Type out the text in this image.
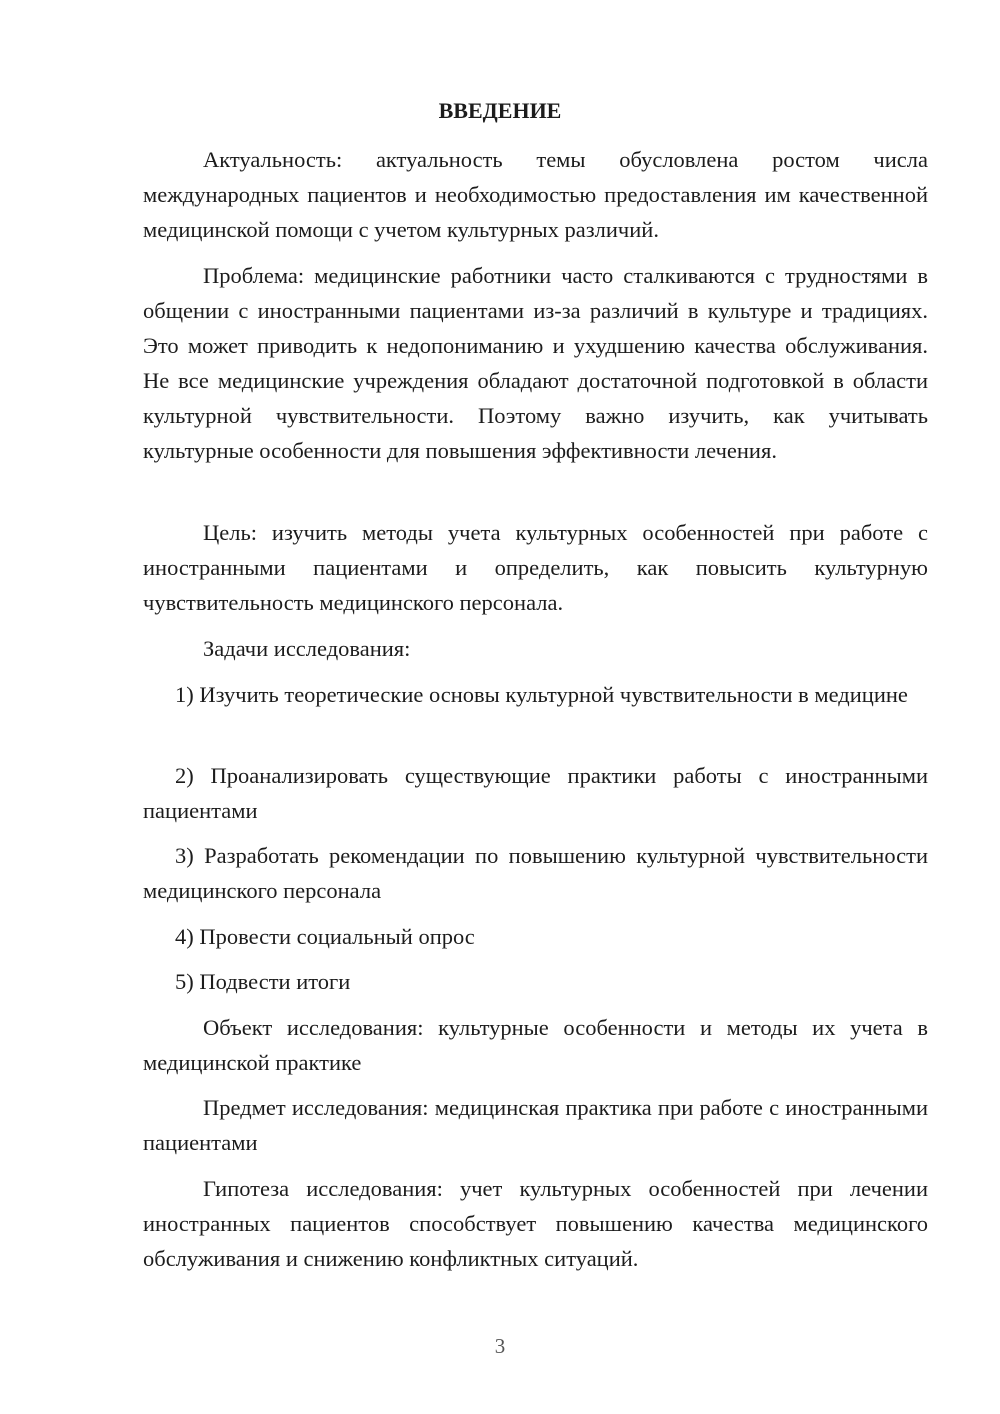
ВВЕДЕНИЕ

Актуальность: актуальность темы обусловлена ростом числа международных пациентов и необходимостью предоставления им качественной медицинской помощи с учетом культурных различий.

Проблема: медицинские работники часто сталкиваются с трудностями в общении с иностранными пациентами из-за различий в культуре и традициях. Это может приводить к недопониманию и ухудшению качества обслуживания. Не все медицинские учреждения обладают достаточной подготовкой в области культурной чувствительности. Поэтому важно изучить, как учитывать культурные особенности для повышения эффективности лечения.

Цель: изучить методы учета культурных особенностей при работе с иностранными пациентами и определить, как повысить культурную чувствительность медицинского персонала.

Задачи исследования:

1) Изучить теоретические основы культурной чувствительности в медицине

2) Проанализировать существующие практики работы с иностранными пациентами

3) Разработать рекомендации по повышению культурной чувствительности медицинского персонала

4) Провести социальный опрос

5) Подвести итоги

Объект исследования: культурные особенности и методы их учета в медицинской практике

Предмет исследования: медицинская практика при работе с иностранными пациентами

Гипотеза исследования: учет культурных особенностей при лечении иностранных пациентов способствует повышению качества медицинского обслуживания и снижению конфликтных ситуаций.

3
